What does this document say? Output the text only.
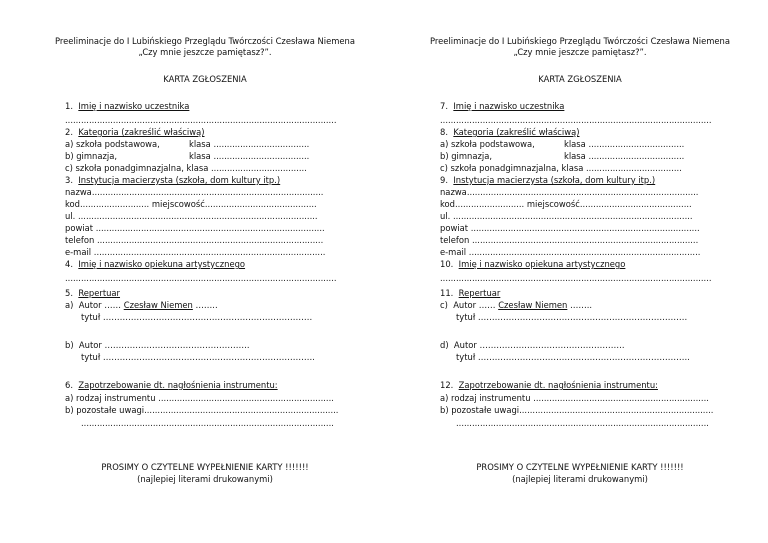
Preeliminacje do I Lubińskiego Przeglądu Twórczości Czesława Niemena
„Czy mnie jeszcze pamiętasz?”.
KARTA ZGŁOSZENIA
1. Imię i nazwisko uczestnika
......................................................................................................
2. Kategoria (zakreślić właściwą)
a) szkoła podstawowa,	klasa ....................................
b) gimnazja,	klasa ....................................
c) szkoła ponadgimnazjalna, klasa ....................................
3. Instytucja macierzysta (szkoła, dom kultury itp.)
nazwa.......................................................................................
kod.......................... miejscowość..........................................
ul. ..........................................................................................
powiat ......................................................................................
telefon .....................................................................................
e-mail .......................................................................................
4. Imię i nazwisko opiekuna artystycznego
......................................................................................................
5. Repertuar
a) Autor …… Czesław Niemen ……..
tytuł …………………………………………………………………
b) Autor …………………………………………….
tytuł ………………………………………………………………….
6. Zapotrzebowanie dt. nagłośnienia instrumentu:
a) rodzaj instrumentu ..................................................................
b) pozostałe uwagi.........................................................................
...............................................................................................
PROSIMY O CZYTELNE WYPEŁNIENIE KARTY !!!!!!!
(najlepiej literami drukowanymi)
Preeliminacje do I Lubińskiego Przeglądu Twórczości Czesława Niemena
„Czy mnie jeszcze pamiętasz?”.
KARTA ZGŁOSZENIA
7. Imię i nazwisko uczestnika
......................................................................................................
8. Kategoria (zakreślić właściwą)
a) szkoła podstawowa,	klasa ....................................
b) gimnazja,	klasa ....................................
c) szkoła ponadgimnazjalna, klasa ....................................
9. Instytucja macierzysta (szkoła, dom kultury itp.)
nazwa.......................................................................................
kod.......................... miejscowość..........................................
ul. ..........................................................................................
powiat ......................................................................................
telefon .....................................................................................
e-mail .......................................................................................
10. Imię i nazwisko opiekuna artystycznego
......................................................................................................
11. Repertuar
c) Autor …… Czesław Niemen ……..
tytuł …………………………………………………………………
d) Autor …………………………………………….
tytuł ………………………………………………………………….
12. Zapotrzebowanie dt. nagłośnienia instrumentu:
a) rodzaj instrumentu ..................................................................
b) pozostałe uwagi.........................................................................
...............................................................................................
PROSIMY O CZYTELNE WYPEŁNIENIE KARTY !!!!!!!
(najlepiej literami drukowanymi)
